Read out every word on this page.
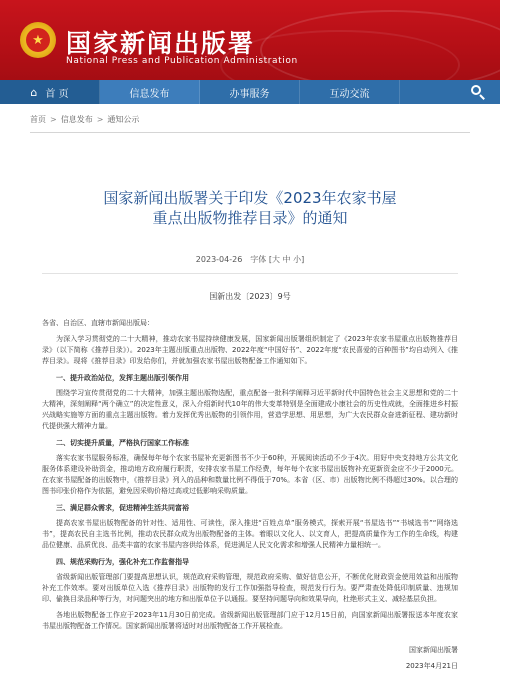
★ 国家新闻出版署
National Press and Publication Administration
⌂ 首 页	信息发布	办事服务	互动交流
首页 > 信息发布 > 通知公示
国家新闻出版署关于印发《2023年农家书屋
重点出版物推荐目录》的通知
2023-04-26 字体 [大 中 小]
国新出发〔2023〕9号

各省、自治区、直辖市新闻出版局：

为深入学习贯彻党的二十大精神，推动农家书屋持续健康发展，国家新闻出版署组织制定了《2023年农家书屋重点出版物推荐目录》（以下简称《推荐目录》）。2023年主题出版重点出版物、2022年度“中国好书”、2022年度“农民喜爱的百种图书”均自动列入《推荐目录》。现将《推荐目录》印发给你们，并就加强农家书屋出版物配备工作通知如下。

一、提升政治站位，发挥主题出版引领作用

围绕学习宣传贯彻党的二十大精神，加强主题出版物选配，重点配备一批科学阐释习近平新时代中国特色社会主义思想和党的二十大精神，深刻阐释“两个确立”的决定性意义，深入介绍新时代10年的伟大变革特别是全面建成小康社会的历史性成就，全面推进乡村振兴战略实施等方面的重点主题出版物。着力发挥优秀出版物的引领作用，营造学思想、用思想，为广大农民群众奋进新征程、建功新时代提供强大精神力量。

二、切实提升质量，严格执行国家工作标准

落实农家书屋服务标准，确保每年每个农家书屋补充更新图书不少于60种，开展阅读活动不少于4次。用好中央支持地方公共文化服务体系建设补助资金，推动地方政府履行职责，安排农家书屋工作经费，每年每个农家书屋出版物补充更新资金应不少于2000元。在农家书屋配备的出版物中，《推荐目录》列入的品种和数量比例不得低于70%。本省（区、市）出版物比例不得超过30%。以合理的图书印张价格作为依据，避免因采购价格过高或过低影响采购质量。

三、满足群众需求，促进精神生活共同富裕

提高农家书屋出版物配备的针对性、适用性、可读性，深入推进“百姓点单”服务模式，探索开展“书屋选书”“书城选书”“网络选书”，提高农民自主选书比例，推动农民群众成为出版物配备的主体。着眼以文化人、以文育人，把提高质量作为工作的生命线，构建品位健康、品质优良、品类丰富的农家书屋内容供给体系，促进满足人民文化需求和增强人民精神力量相统一。

四、规范采购行为，强化补充工作监督指导

省级新闻出版管理部门要提高思想认识，规范政府采购管理，规范政府采购、做好信息公开，不断优化财政资金使用效益和出版物补充工作效率。要对出版单位入选《推荐目录》出版物的发行工作加强指导检查，规范发行行为。要严肃查处降低印制质量、违规加印、偷换目录品种等行为，对问题突出的地方和出版单位予以通报。要坚持问题导向和效果导向，杜绝形式主义、减轻基层负担。

各地出版物配备工作应于2023年11月30日前完成。省级新闻出版管理部门应于12月15日前，向国家新闻出版署报送本年度农家书屋出版物配备工作情况。国家新闻出版署将适时对出版物配备工作开展检查。

国家新闻出版署
2023年4月21日
